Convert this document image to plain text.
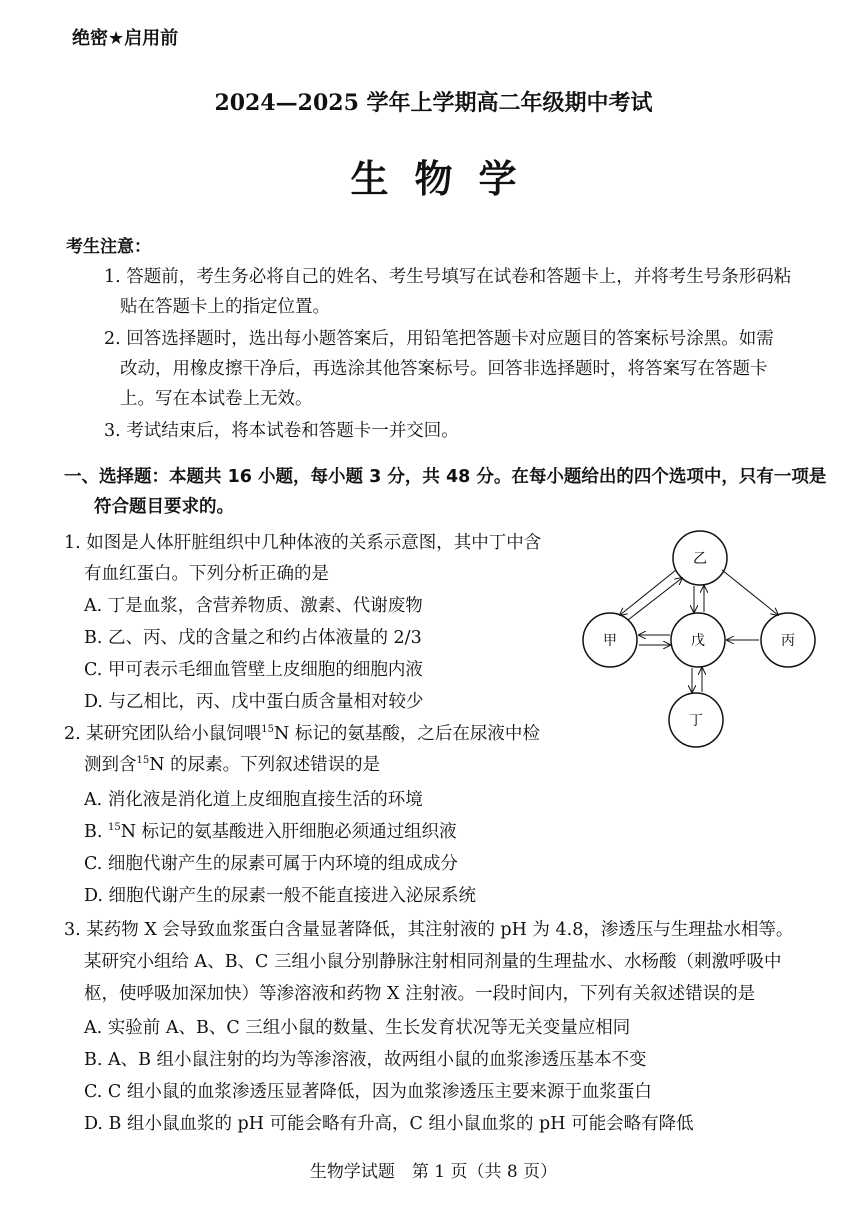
绝密★启用前
2024—2025 学年上学期高二年级期中考试
生物学
考生注意：
1. 答题前，考生务必将自己的姓名、考生号填写在试卷和答题卡上，并将考生号条形码粘
贴在答题卡上的指定位置。
2. 回答选择题时，选出每小题答案后，用铅笔把答题卡对应题目的答案标号涂黑。如需
改动，用橡皮擦干净后，再选涂其他答案标号。回答非选择题时，将答案写在答题卡
上。写在本试卷上无效。
3. 考试结束后，将本试卷和答题卡一并交回。
一、选择题：本题共 16 小题，每小题 3 分，共 48 分。在每小题给出的四个选项中，只有一项是
符合题目要求的。
1. 如图是人体肝脏组织中几种体液的关系示意图，其中丁中含
有血红蛋白。下列分析正确的是
A. 丁是血浆，含营养物质、激素、代谢废物
B. 乙、丙、戊的含量之和约占体液量的 2/3
C. 甲可表示毛细血管壁上皮细胞的细胞内液
D. 与乙相比，丙、戊中蛋白质含量相对较少
乙
甲	戊	丙
丁
2. 某研究团队给小鼠饲喂$^{15}$N 标记的氨基酸，之后在尿液中检
测到含$^{15}$N 的尿素。下列叙述错误的是
A. 消化液是消化道上皮细胞直接生活的环境
B. $^{15}$N 标记的氨基酸进入肝细胞必须通过组织液
C. 细胞代谢产生的尿素可属于内环境的组成成分
D. 细胞代谢产生的尿素一般不能直接进入泌尿系统
3. 某药物 X 会导致血浆蛋白含量显著降低，其注射液的 pH 为 4.8，渗透压与生理盐水相等。
某研究小组给 A、B、C 三组小鼠分别静脉注射相同剂量的生理盐水、水杨酸（刺激呼吸中
枢，使呼吸加深加快）等渗溶液和药物 X 注射液。一段时间内，下列有关叙述错误的是
A. 实验前 A、B、C 三组小鼠的数量、生长发育状况等无关变量应相同
B. A、B 组小鼠注射的均为等渗溶液，故两组小鼠的血浆渗透压基本不变
C. C 组小鼠的血浆渗透压显著降低，因为血浆渗透压主要来源于血浆蛋白
D. B 组小鼠血浆的 pH 可能会略有升高，C 组小鼠血浆的 pH 可能会略有降低
生物学试题　第 1 页（共 8 页）
